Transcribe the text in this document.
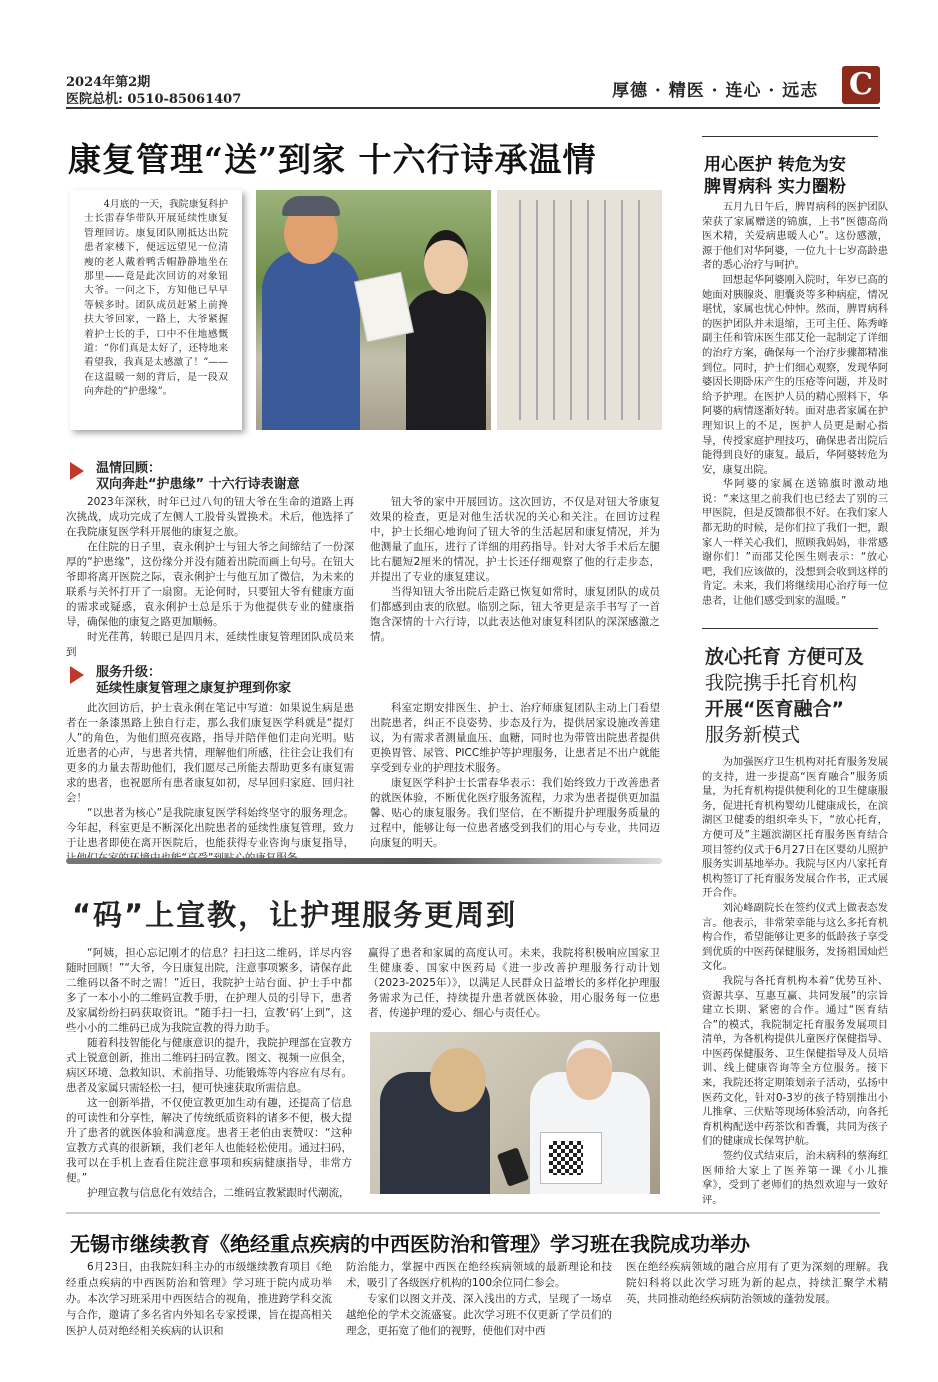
2024年第2期
医院总机: 0510-85061407	厚德 · 精医 · 连心 · 远志 C
康复管理“送”到家 十六行诗承温情
4月底的一天，我院康复科护士长雷春华带队开展延续性康复管理回访。康复团队刚抵达出院患者家楼下，便远远望见一位清瘦的老人戴着鸭舌帽静静地坐在那里——竟是此次回访的对象钮大爷。一问之下，方知他已早早等候多时。团队成员赶紧上前搀扶大爷回家，一路上，大爷紧握着护士长的手，口中不住地感慨道：“你们真是太好了，还特地来看望我，我真是太感激了！”——在这温暖一刻的背后，是一段双向奔赴的“护患缘”。
温情回顾：
双向奔赴“护患缘” 十六行诗表谢意

2023年深秋，时年已过八旬的钮大爷在生命的道路上再次挑战，成功完成了左侧人工股骨头置换术。术后，他选择了在我院康复医学科开展他的康复之旅。

在住院的日子里，袁永俐护士与钮大爷之间缔结了一份深厚的“护患缘”，这份缘分并没有随着出院而画上句号。在钮大爷即将离开医院之际，袁永俐护士与他互加了微信，为未来的联系与关怀打开了一扇窗。无论何时，只要钮大爷有健康方面的需求或疑惑，袁永俐护士总是乐于为他提供专业的健康指导，确保他的康复之路更加顺畅。

时光荏苒，转眼已是四月末，延续性康复管理团队成员来到

钮大爷的家中开展回访。这次回访，不仅是对钮大爷康复效果的检查，更是对他生活状况的关心和关注。在回访过程中，护士长细心地询问了钮大爷的生活起居和康复情况，并为他测量了血压，进行了详细的用药指导。针对大爷手术后左腿比右腿短2厘米的情况，护士长还仔细观察了他的行走步态，并提出了专业的康复建议。

当得知钮大爷出院后走路已恢复如常时，康复团队的成员们都感到由衷的欣慰。临别之际，钮大爷更是亲手书写了一首饱含深情的十六行诗，以此表达他对康复科团队的深深感激之情。

服务升级：
延续性康复管理之康复护理到你家

此次回访后，护士袁永俐在笔记中写道：如果说生病是患者在一条漆黑路上独自行走，那么我们康复医学科就是“提灯人”的角色，为他们照亮夜路，指导并陪伴他们走向光明。贴近患者的心声，与患者共情，理解他们所感，往往会让我们有更多的力量去帮助他们，我们愿尽己所能去帮助更多有康复需求的患者，也祝愿所有患者康复如初，尽早回归家庭、回归社会！

“以患者为核心”是我院康复医学科始终坚守的服务理念。今年起，科室更是不断深化出院患者的延续性康复管理，致力于让患者即使在离开医院后，也能获得专业咨询与康复指导，

科室定期安排医生、护士、治疗师康复团队主动上门看望出院患者，纠正不良姿势、步态及行为，提供居家设施改善建议，为有需求者测量血压、血糖，同时也为带管出院患者提供更换胃管、尿管、PICC维护等护理服务，让患者足不出户就能享受到专业的护理技术服务。

康复医学科护士长雷春华表示：我们始终致力于改善患者的就医体验，不断优化医疗服务流程，力求为患者提供更加温馨、贴心的康复服务。我们坚信，在不断提升护理服务质量的过程中，能够让每一位患者感受到我们的用心与专业，共同迈向康复的明天。

用心医护 转危为安
脾胃病科 实力圈粉

五月九日午后，脾胃病科的医护团队荣获了家属赠送的锦旗，上书“医德高尚医术精，关爱病患暖人心”。这份感激，源于他们对华阿婆，一位九十七岁高龄患者的悉心治疗与呵护。

回想起华阿婆刚入院时，年岁已高的她面对胰腺炎、胆囊炎等多种病症，情况堪忧，家属也忧心忡忡。然而，脾胃病科的医护团队并未退缩，王可主任、陈秀峰副主任和管床医生邵艾伦一起制定了详细的治疗方案，确保每一个治疗步骤都精准到位。同时，护士们细心观察，发现华阿婆因长期卧床产生的压疮等问题，并及时给予护理。在医护人员的精心照料下，华阿婆的病情逐渐好转。面对患者家属在护理知识上的不足，医护人员更是耐心指导，传授家庭护理技巧，确保患者出院后能得到良好的康复。最后，华阿婆转危为安，康复出院。

华阿婆的家属在送锦旗时激动地说：“来这里之前我们也已经去了别的三甲医院，但是反馈都很不好。在我们家人都无助的时候，是你们拉了我们一把，跟家人一样关心我们，照顾我妈妈，非常感谢你们！”而邵艾伦医生则表示：“放心吧，我们应该做的，没想到会收到这样的肯定。未来，我们将继续用心治疗每一位患者，让他们感受到家的温暖。”

放心托育 方便可及
我院携手托育机构
开展“医育融合”
服务新模式

为加强医疗卫生机构对托育服务发展的支持，进一步提高“医育融合”服务质量，为托育机构提供便利化的卫生健康服务，促进托育机构婴幼儿健康成长，在滨湖区卫健委的组织牵头下，“放心托育，方便可及”主题滨湖区托育服务医育结合项目签约仪式于6月27日在区婴幼儿照护服务实训基地举办。我院与区内八家托育机构签订了托育服务发展合作书，正式展开合作。

刘沁峰副院长在签约仪式上做表态发言。他表示，非常荣幸能与这么多托育机构合作，希望能够让更多的低龄孩子享受到优质的中医药保健服务，发扬祖国灿烂文化。

我院与各托育机构本着“优势互补、资源共享、互惠互赢、共同发展”的宗旨建立长期、紧密的合作。通过“医育结合”的模式，我院制定托育服务发展项目清单，为各机构提供儿童医疗保健指导、中医药保健服务、卫生保健指导及人员培训、线上健康咨询等全方位服务。接下来，我院还将定期策划亲子活动，弘扬中医药文化，针对0-3岁的孩子特别推出小儿推拿、三伏贴等现场体验活动，向各托育机构配送中药茶饮和香囊，共同为孩子们的健康成长保驾护航。

签约仪式结束后，治未病科的蔡海红医师给大家上了医养第一课《小儿推拿》，受到了老师们的热烈欢迎与一致好评。

“码”上宣教，让护理服务更周到

“阿姨，担心忘记刚才的信息？扫扫这二维码，详尽内容随时回顾！”“大爷，今日康复出院，注意事项繁多，请保存此二维码以备不时之需！”近日，我院护士站台面、护士手中都多了一本小小的二维码宣教手册，在护理人员的引导下，患者及家属纷纷扫码获取资讯。“随手扫一扫，宣教‘码’上到”，这些小小的二维码已成为我院宣教的得力助手。

随着科技智能化与健康意识的提升，我院护理部在宣教方式上锐意创新，推出二维码扫码宣教。图文、视频一应俱全，病区环境、急救知识、术前指导、功能锻炼等内容应有尽有。患者及家属只需轻松一扫，便可快速获取所需信息。

这一创新举措，不仅使宣教更加生动有趣，还提高了信息的可读性和分享性，解决了传统纸质资料的诸多不便，极大提升了患者的就医体验和满意度。患者王老伯由衷赞叹：“这种宣教方式真的很新颖，我们老年人也能轻松使用。通过扫码，我可以在手机上查看住院注意事项和疾病健康指导，非常方便。”

护理宣教与信息化有效结合，二维码宣教紧跟时代潮流，

赢得了患者和家属的高度认可。未来，我院将积极响应国家卫生健康委、国家中医药局《进一步改善护理服务行动计划（2023-2025年）》，以满足人民群众日益增长的多样化护理服务需求为己任，持续提升患者就医体验，用心服务每一位患者，传递护理的爱心、细心与责任心。

无锡市继续教育《绝经重点疾病的中西医防治和管理》学习班在我院成功举办
6月23日，由我院妇科主办的市级继续教育项目《绝经重点疾病的中西医防治和管理》学习班于院内成功举办。本次学习班采用中西医结合的视角，推进跨学科交流与合作，邀请了多名省内外知名专家授课，旨在提高相关医护人员对绝经相关疾病的认识和

防治能力，掌握中西医在绝经疾病领域的最新理论和技术，吸引了各级医疗机构的100余位同仁参会。

专家们以图文并茂、深入浅出的方式，呈现了一场卓越绝伦的学术交流盛宴。此次学习班不仅更新了学员们的理念，更拓宽了他们的视野，使他们对中西

医在绝经疾病领域的融合应用有了更为深刻的理解。我院妇科将以此次学习班为新的起点，持续汇聚学术精英，共同推动绝经疾病防治领域的蓬勃发展。
